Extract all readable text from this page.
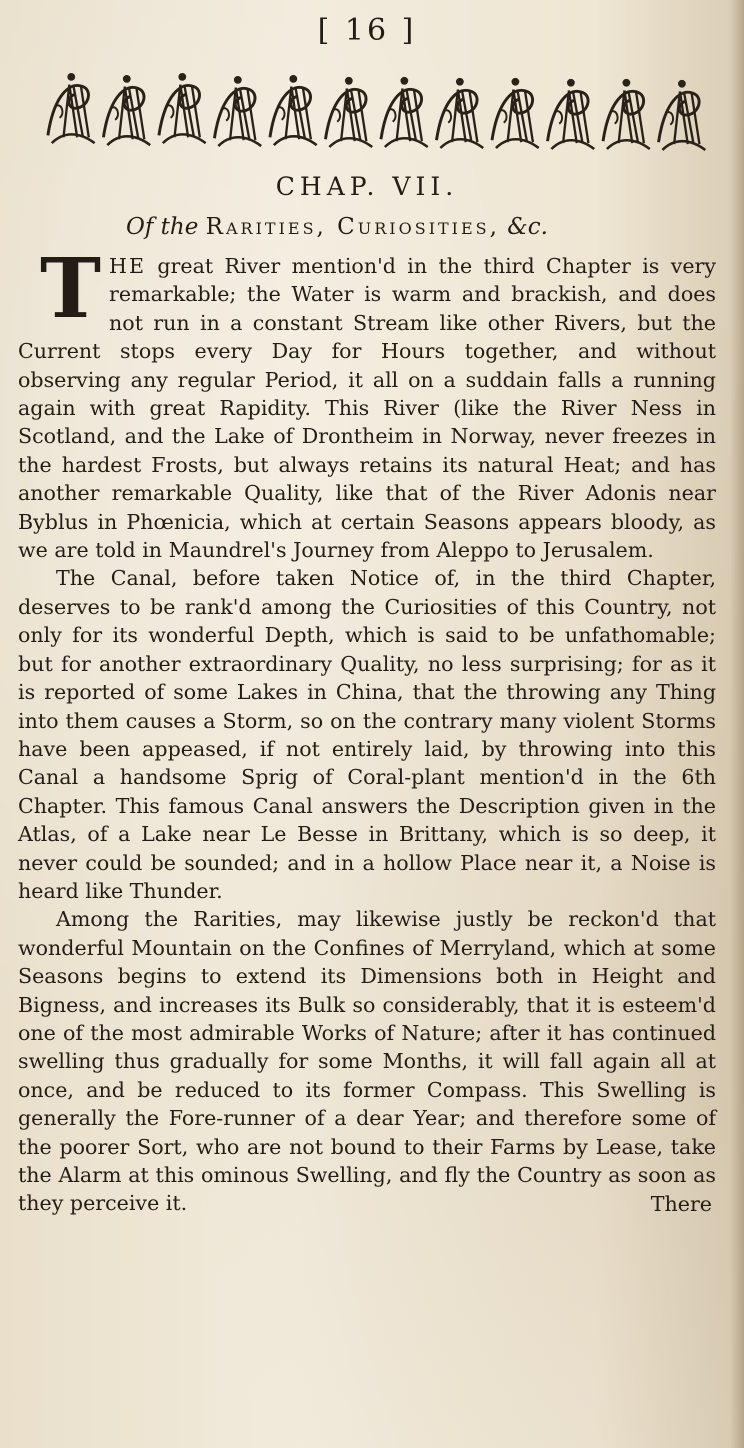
[ 16 ]
CHAP. VII.
Of the Rarities, Curiosities, &c.

THE great River mention'd in the third Chapter is very remarkable; the Water is warm and brackish, and does not run in a constant Stream like other Rivers, but the Current stops every Day for Hours together, and without observing any regular Period, it all on a suddain falls a running again with great Rapidity. This River (like the River Ness in Scotland, and the Lake of Drontheim in Norway, never freezes in the hardest Frosts, but always retains its natural Heat; and has another remarkable Quality, like that of the River Adonis near Byblus in Phœnicia, which at certain Seasons appears bloody, as we are told in Maundrel's Journey from Aleppo to Jerusalem.

The Canal, before taken Notice of, in the third Chapter, deserves to be rank'd among the Curiosities of this Country, not only for its wonderful Depth, which is said to be unfathomable; but for another extraordinary Quality, no less surprising; for as it is reported of some Lakes in China, that the throwing any Thing into them causes a Storm, so on the contrary many violent Storms have been appeased, if not entirely laid, by throwing into this Canal a handsome Sprig of Coral-plant mention'd in the 6th Chapter. This famous Canal answers the Description given in the Atlas, of a Lake near Le Besse in Brittany, which is so deep, it never could be sounded; and in a hollow Place near it, a Noise is heard like Thunder.

Among the Rarities, may likewise justly be reckon'd that wonderful Mountain on the Confines of Merryland, which at some Seasons begins to extend its Dimensions both in Height and Bigness, and increases its Bulk so considerably, that it is esteem'd one of the most admirable Works of Nature; after it has continued swelling thus gradually for some Months, it will fall again all at once, and be reduced to its former Compass. This Swelling is generally the Fore-runner of a dear Year; and therefore some of the poorer Sort, who are not bound to their Farms by Lease, take the Alarm at this ominous Swelling, and fly the Country as soon as they perceive it.	There
